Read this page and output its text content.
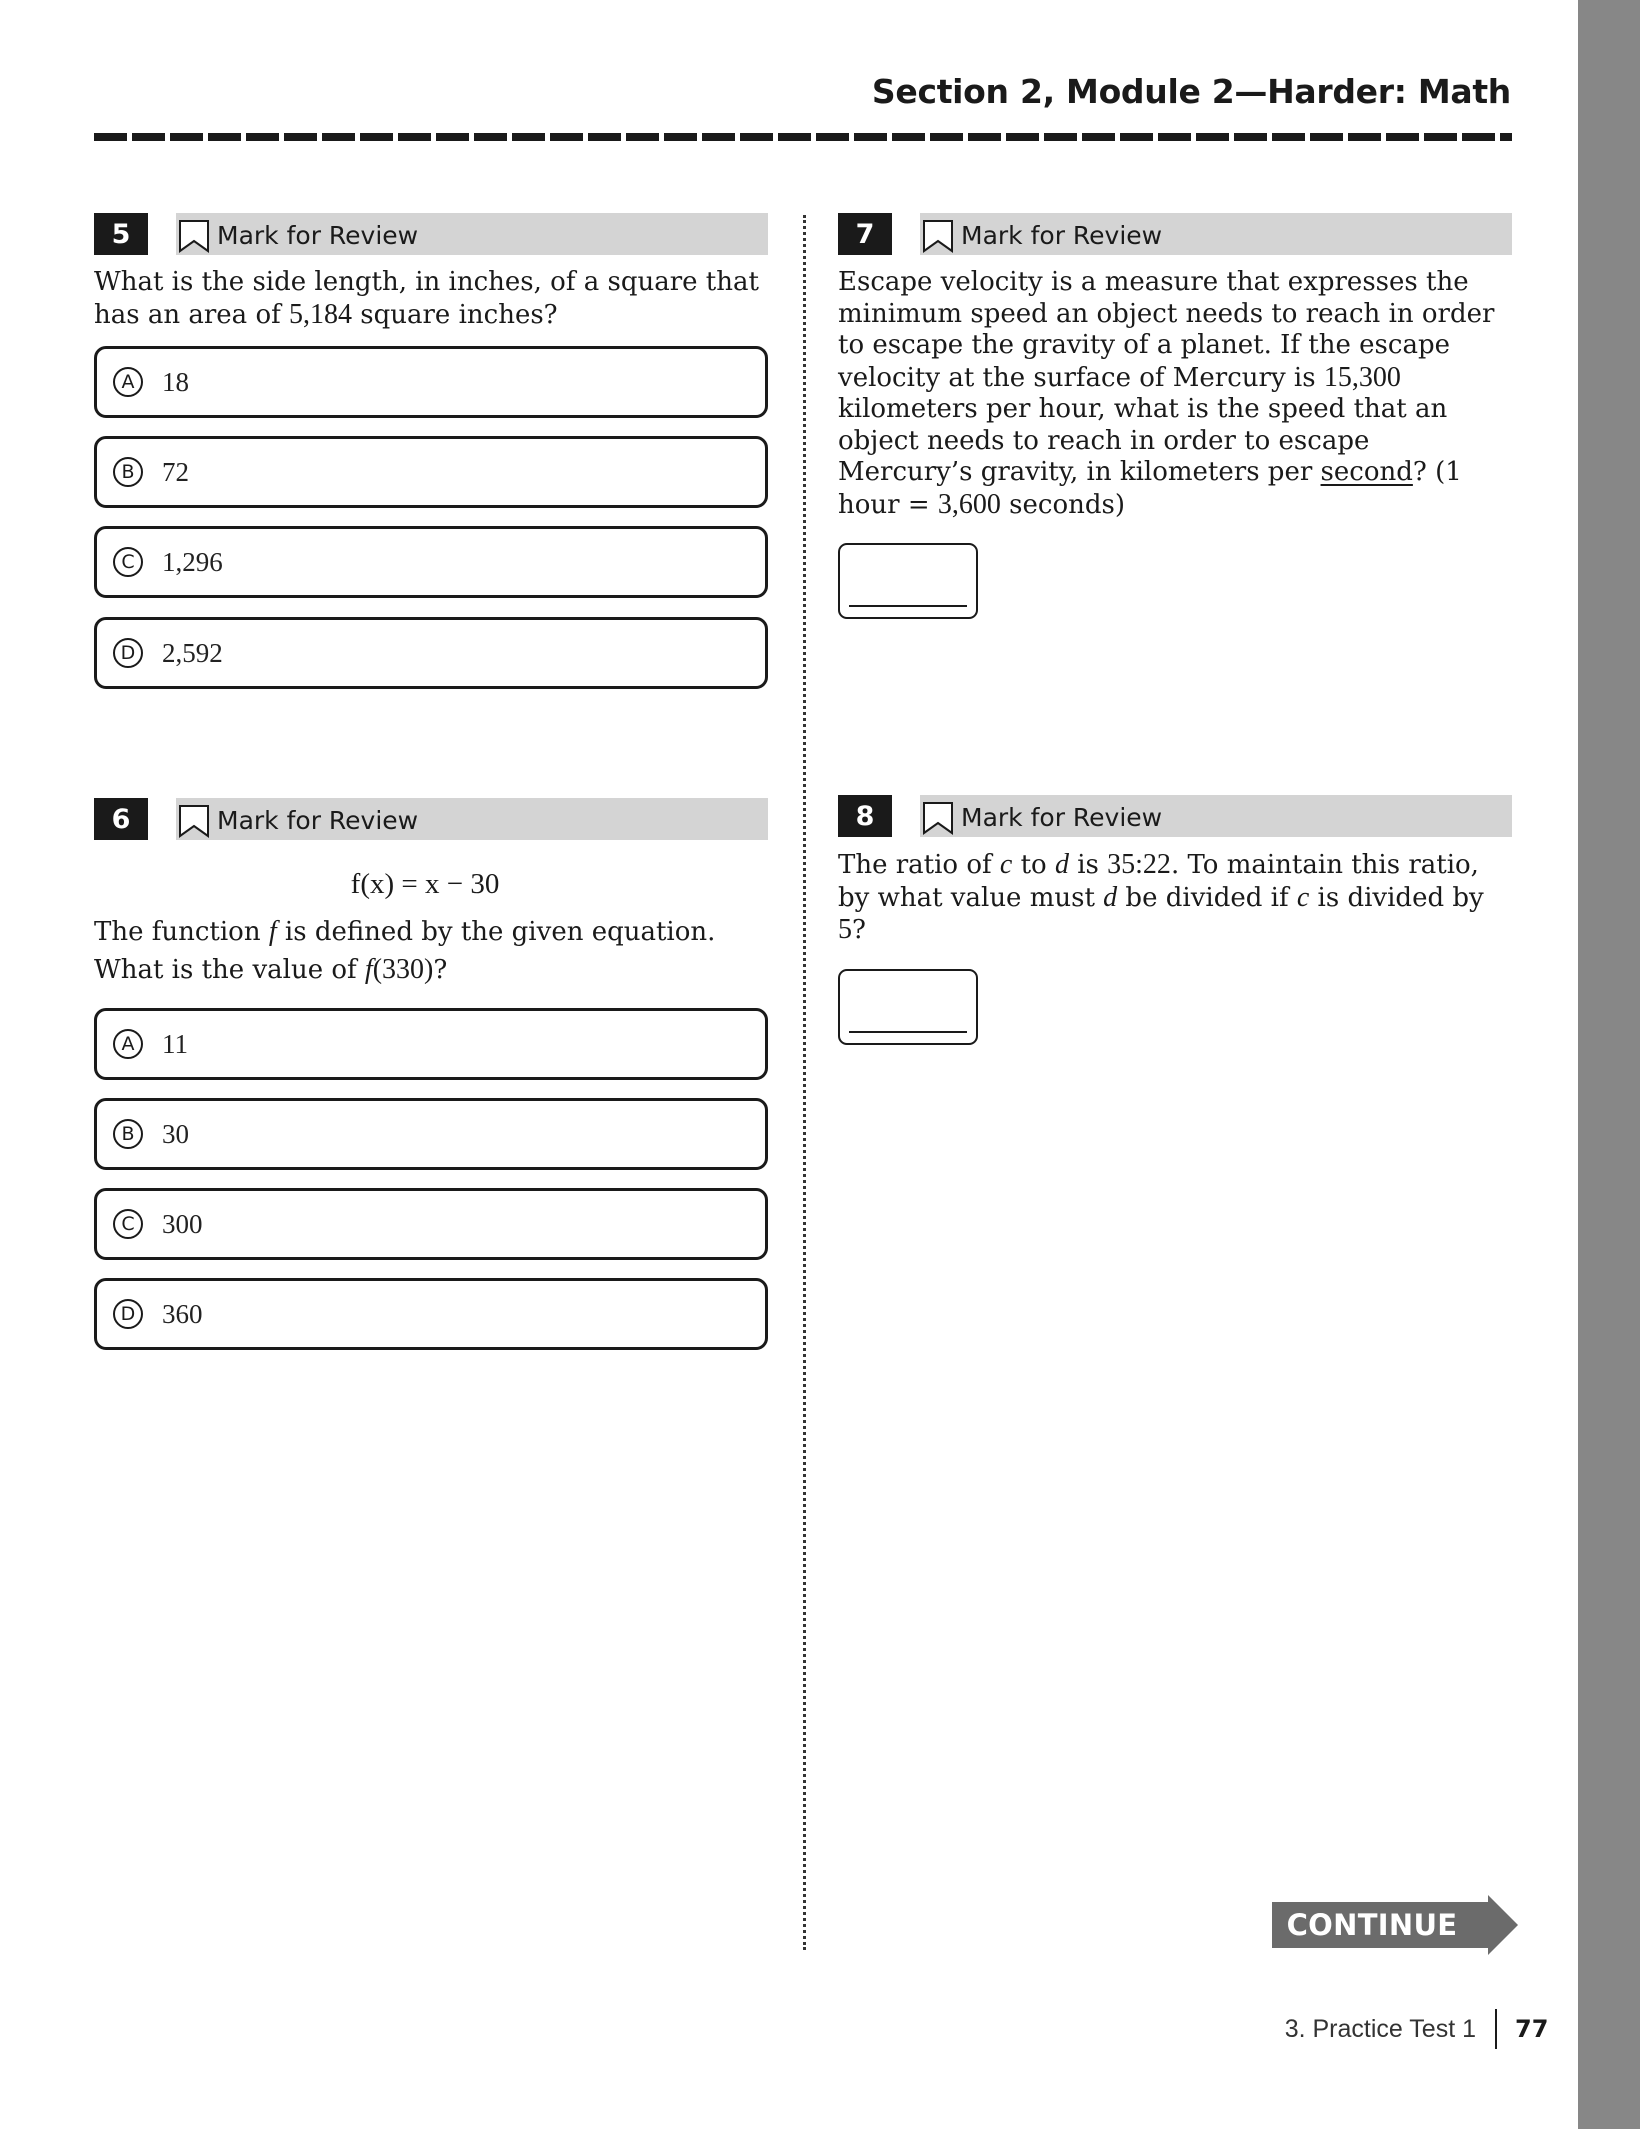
Section 2, Module 2—Harder: Math
5	Mark for Review
What is the side length, in inches, of a square that has an area of 5,184 square inches?
A	18
B	72
C	1,296
D 2,592
6	Mark for Review
f(x) = x − 30
The function f is defined by the given equation. What is the value of f(330)?
A	11
B	30
C	300
D 360
7	Mark for Review
Escape velocity is a measure that expresses the minimum speed an object needs to reach in order to escape the gravity of a planet. If the escape velocity at the surface of Mercury is 15,300 kilometers per hour, what is the speed that an object needs to reach in order to escape Mercury’s gravity, in kilometers per second? (1 hour = 3,600 seconds)
8	Mark for Review
The ratio of c to d is 35:22. To maintain this ratio, by what value must d be divided if c is divided by 5?
CONTINUE
3. Practice Test 1 77
